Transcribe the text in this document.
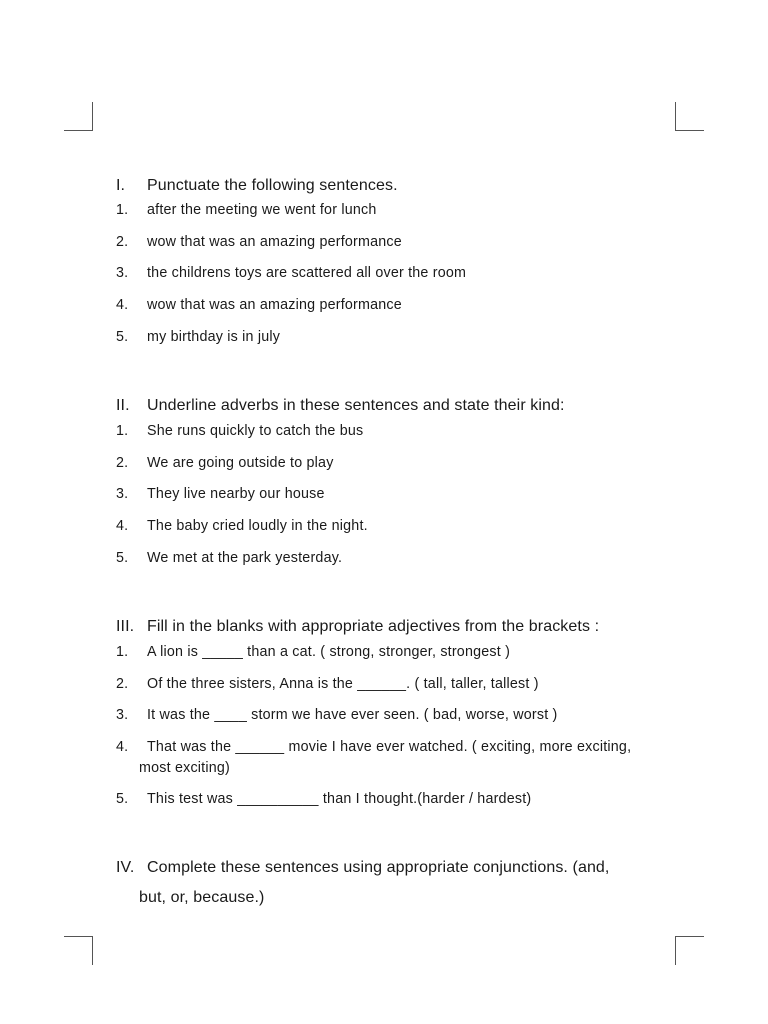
I. Punctuate the following sentences.
1. after the meeting we went for lunch
2. wow that was an amazing performance
3. the childrens toys are scattered all over the room
4. wow that was an amazing performance
5. my birthday is in july
II. Underline adverbs in these sentences and state their kind:
1. She runs quickly to catch the bus
2. We are going outside to play
3. They live nearby our house
4. The baby cried loudly in the night.
5. We met at the park yesterday.
III. Fill in the blanks with appropriate adjectives from the brackets :
1. A lion is _____ than a cat. ( strong, stronger, strongest )
2. Of the three sisters, Anna is the ______. ( tall, taller, tallest )
3. It was the ____ storm we have ever seen. ( bad, worse, worst )
4. That was the ______ movie I have ever watched. ( exciting, more exciting,
most exciting)
5. This test was __________ than I thought.(harder / hardest)
IV. Complete these sentences using appropriate conjunctions. (and,
but, or, because.)
